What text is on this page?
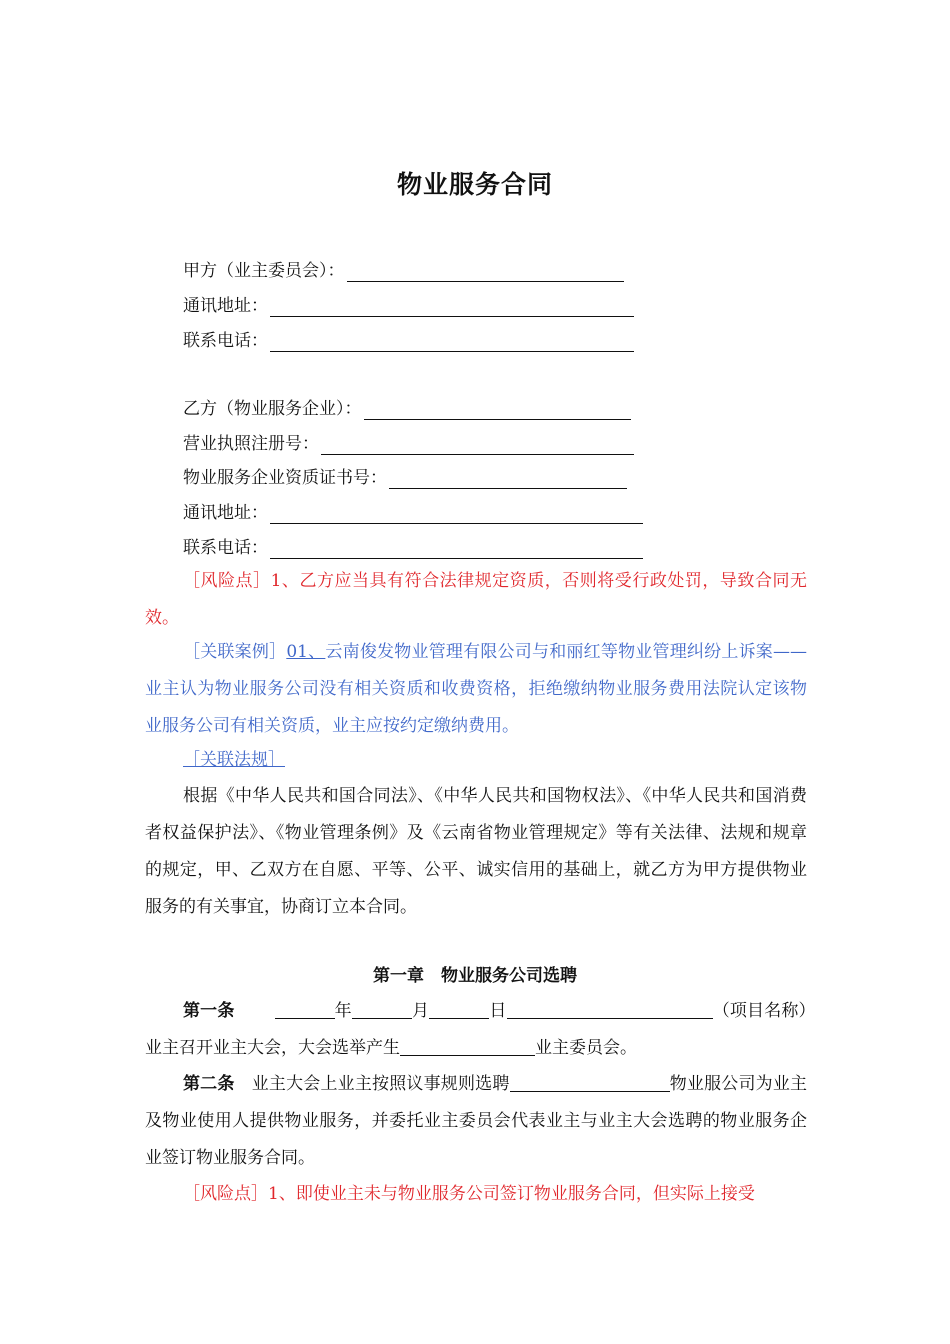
物业服务合同
甲方（业主委员会）：
通讯地址：
联系电话：
乙方（物业服务企业）：
营业执照注册号：
物业服务企业资质证书号：
通讯地址：
联系电话：
［风险点］1、乙方应当具有符合法律规定资质，否则将受行政处罚，导致合同无效。
［关联案例］01、云南俊发物业管理有限公司与和丽红等物业管理纠纷上诉案——业主认为物业服务公司没有相关资质和收费资格，拒绝缴纳物业服务费用法院认定该物业服务公司有相关资质，业主应按约定缴纳费用。
［关联法规］
根据《中华人民共和国合同法》、《中华人民共和国物权法》、《中华人民共和国消费者权益保护法》、《物业管理条例》及《云南省物业管理规定》等有关法律、法规和规章的规定，甲、乙双方在自愿、平等、公平、诚实信用的基础上，就乙方为甲方提供物业服务的有关事宜，协商订立本合同。
第一章　物业服务公司选聘
第一条	年	月	日	（项目名称）业主召开业主大会，大会选举产生	业主委员会。
第二条 业主大会上业主按照议事规则选聘	物业服公司为业主及物业使用人提供物业服务，并委托业主委员会代表业主与业主大会选聘的物业服务企业签订物业服务合同。
［风险点］1、即使业主未与物业服务公司签订物业服务合同，但实际上接受
